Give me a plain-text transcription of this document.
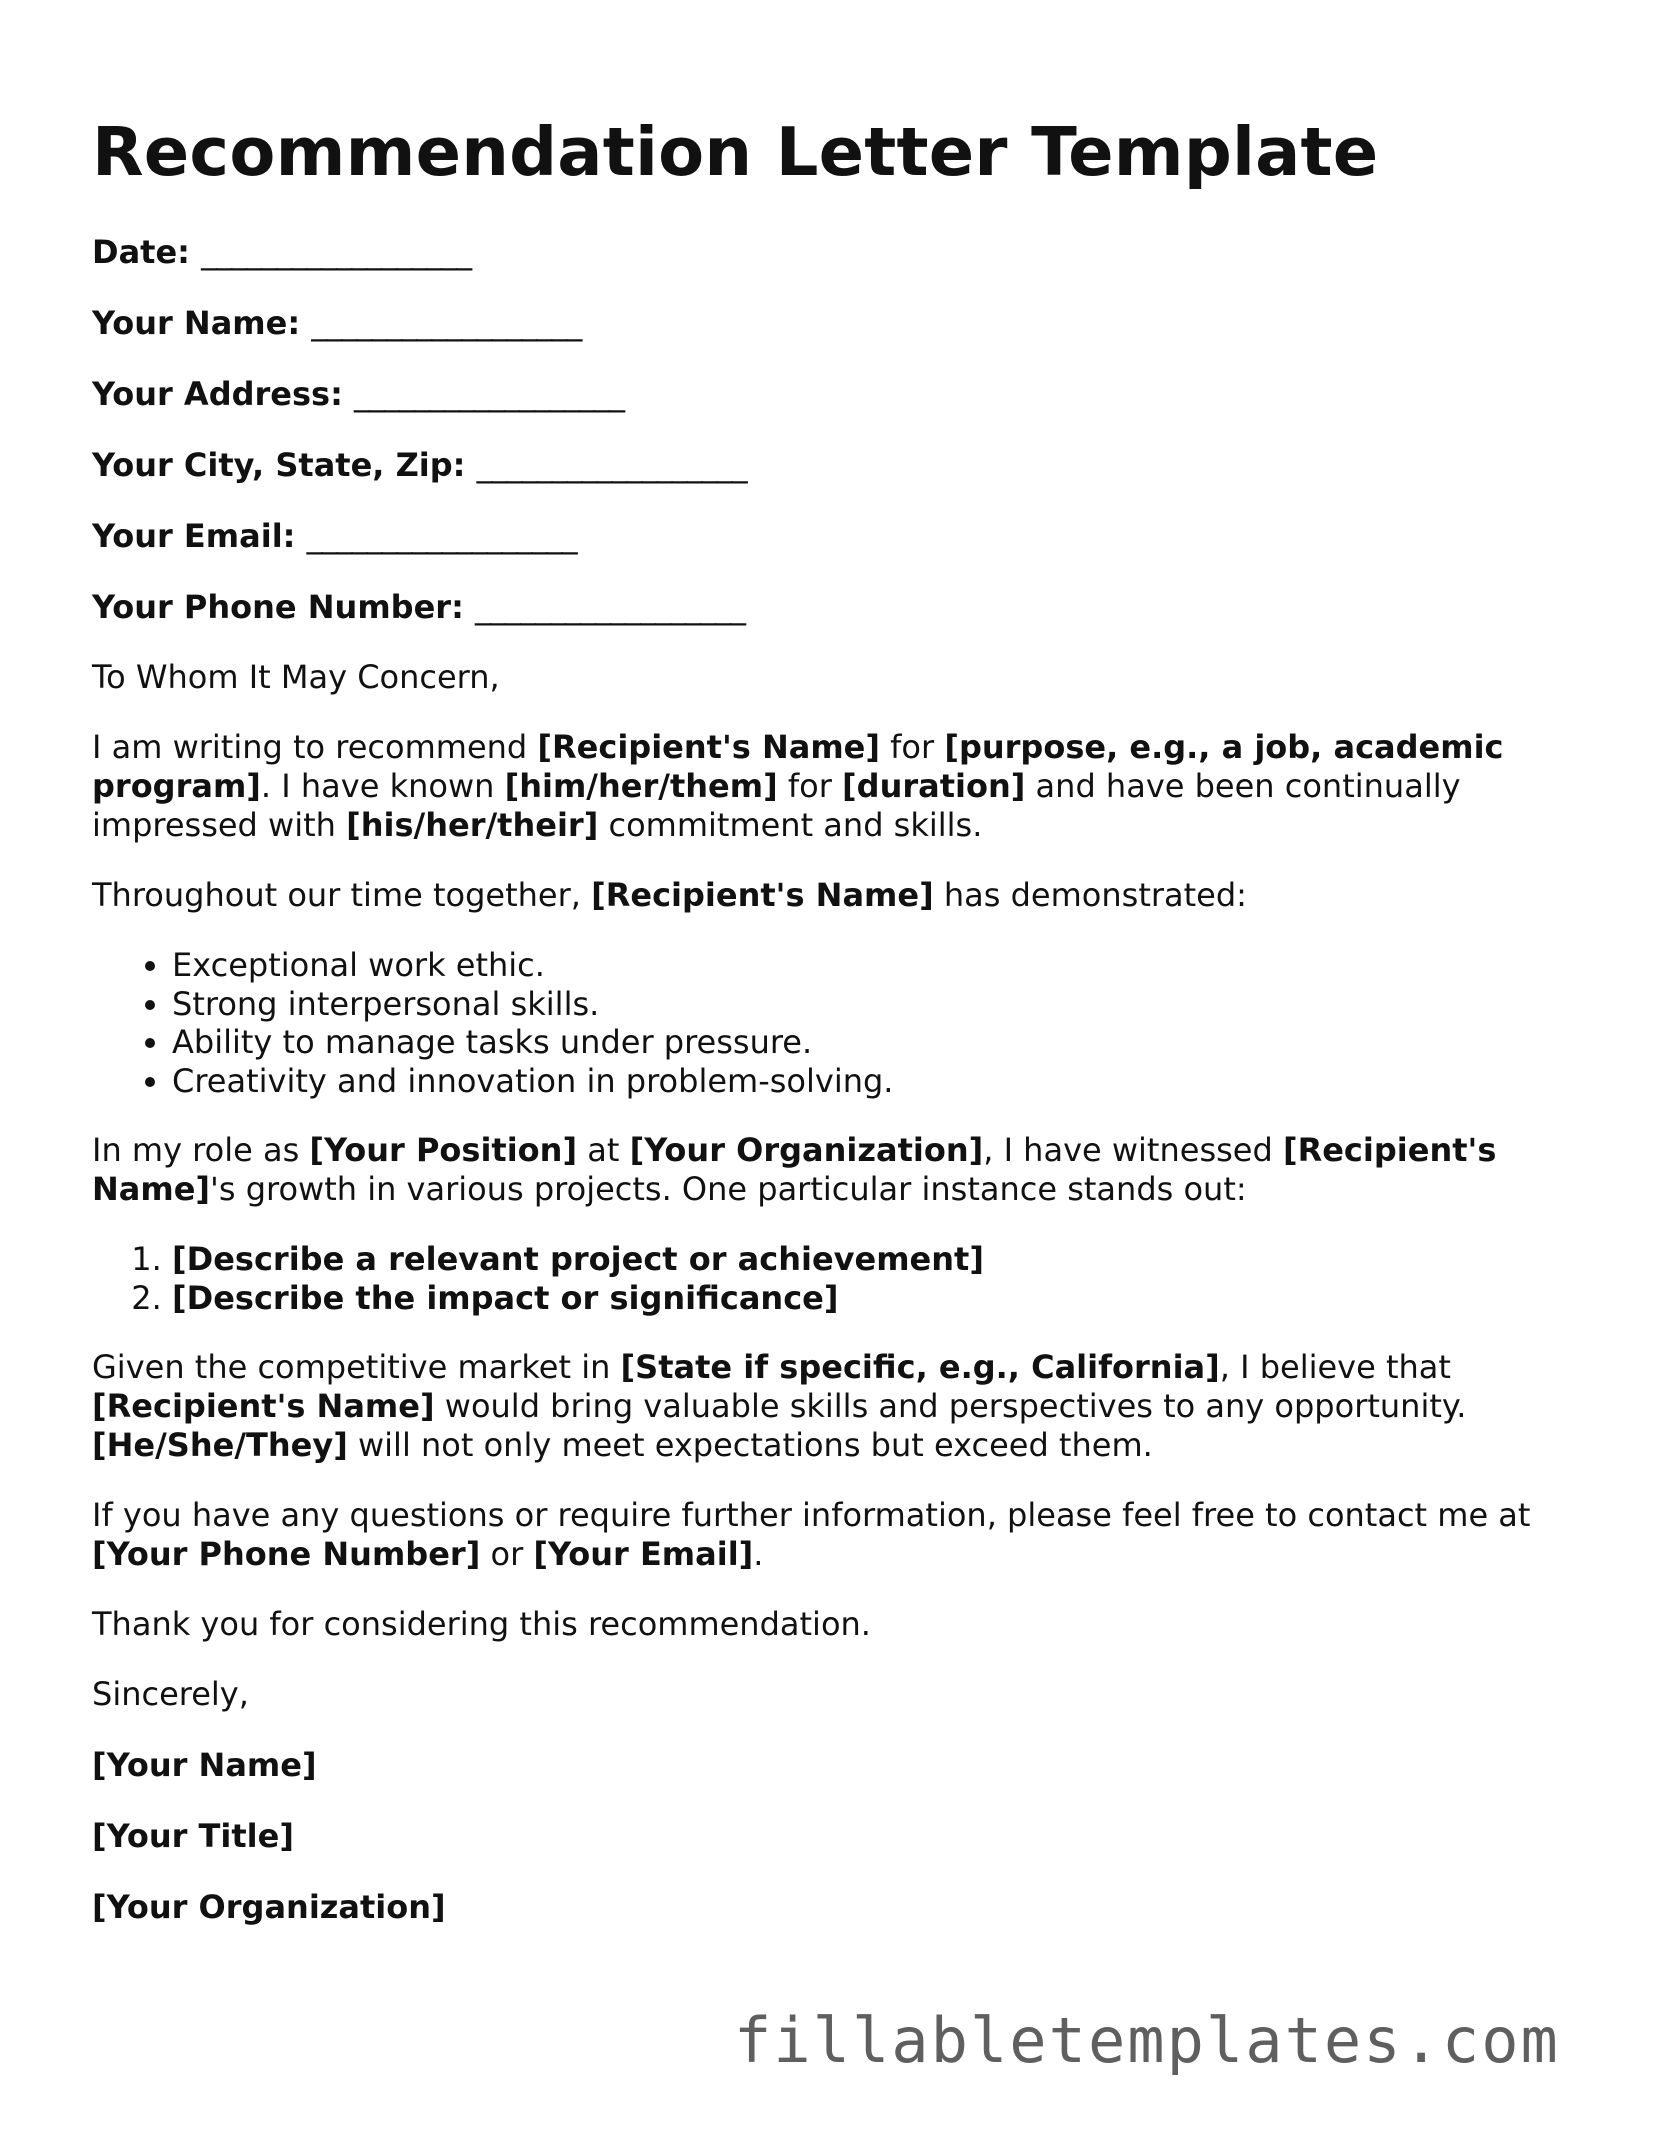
Recommendation Letter Template

Date: __________________

Your Name: __________________

Your Address: __________________

Your City, State, Zip: __________________

Your Email: __________________

Your Phone Number: __________________

To Whom It May Concern,

I am writing to recommend [Recipient's Name] for [purpose, e.g., a job, academic program]. I have known [him/her/them] for [duration] and have been continually impressed with [his/her/their] commitment and skills.

Throughout our time together, [Recipient's Name] has demonstrated:

• Exceptional work ethic.
• Strong interpersonal skills.
• Ability to manage tasks under pressure.
• Creativity and innovation in problem-solving.

In my role as [Your Position] at [Your Organization], I have witnessed [Recipient's Name]'s growth in various projects. One particular instance stands out:

1. [Describe a relevant project or achievement]
2. [Describe the impact or significance]

Given the competitive market in [State if specific, e.g., California], I believe that [Recipient's Name] would bring valuable skills and perspectives to any opportunity. [He/She/They] will not only meet expectations but exceed them.

If you have any questions or require further information, please feel free to contact me at [Your Phone Number] or [Your Email].

Thank you for considering this recommendation.

Sincerely,

[Your Name]

[Your Title]

[Your Organization]

fillabletemplates.com
